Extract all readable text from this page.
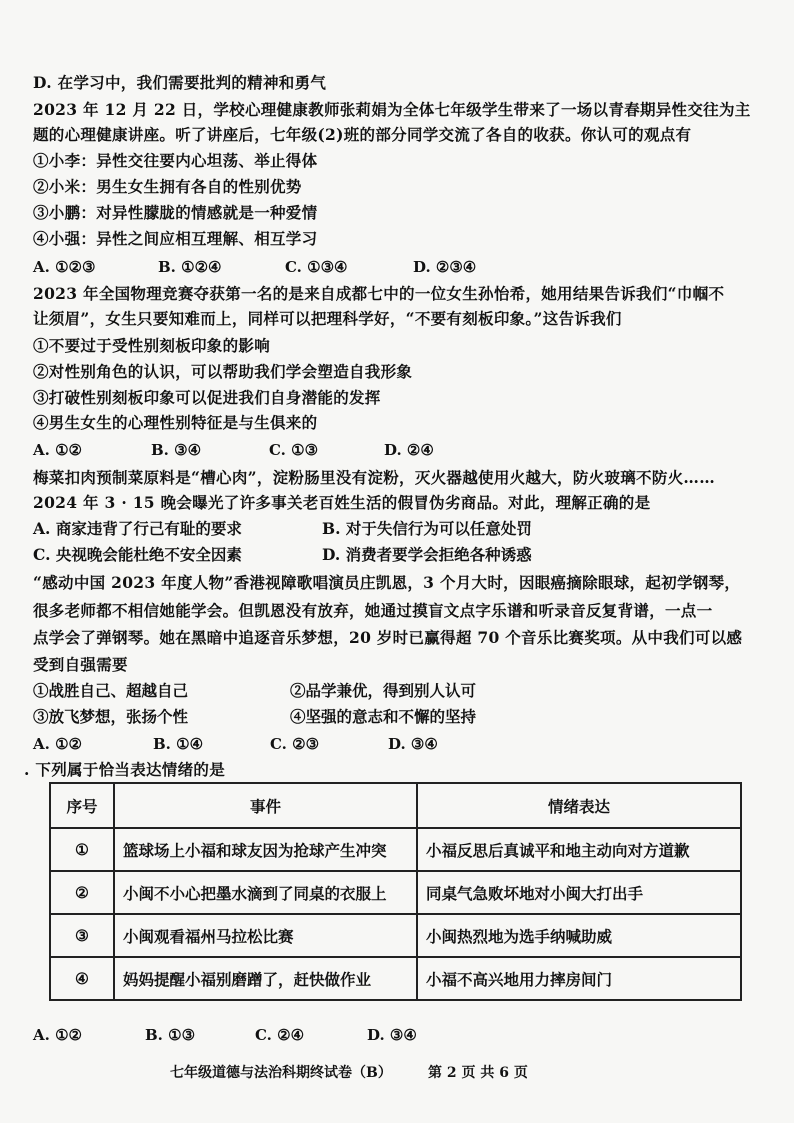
D. 在学习中，我们需要批判的精神和勇气
2023 年 12 月 22 日，学校心理健康教师张莉娟为全体七年级学生带来了一场以青春期异性交往为主
题的心理健康讲座。听了讲座后，七年级(2)班的部分同学交流了各自的收获。你认可的观点有
①小李：异性交往要内心坦荡、举止得体
②小米：男生女生拥有各自的性别优势
③小鹏：对异性朦胧的情感就是一种爱情
④小强：异性之间应相互理解、相互学习
A. ①②③	B. ①②④	C. ①③④	D. ②③④
2023 年全国物理竞赛夺获第一名的是来自成都七中的一位女生孙怡希，她用结果告诉我们“巾帼不
让须眉”，女生只要知难而上，同样可以把理科学好，“不要有刻板印象。”这告诉我们
①不要过于受性别刻板印象的影响
②对性别角色的认识，可以帮助我们学会塑造自我形象
③打破性别刻板印象可以促进我们自身潜能的发挥
④男生女生的心理性别特征是与生俱来的
A. ①②	B. ③④	C. ①③	D. ②④
梅菜扣肉预制菜原料是“槽心肉”，淀粉肠里没有淀粉，灭火器越使用火越大，防火玻璃不防火……
2024 年 3 · 15 晚会曝光了许多事关老百姓生活的假冒伪劣商品。对此，理解正确的是
A. 商家违背了行己有耻的要求	B. 对于失信行为可以任意处罚
C. 央视晚会能杜绝不安全因素	D. 消费者要学会拒绝各种诱惑
“感动中国 2023 年度人物”香港视障歌唱演员庄凯恩，3 个月大时，因眼癌摘除眼球，起初学钢琴，
很多老师都不相信她能学会。但凯恩没有放弃，她通过摸盲文点字乐谱和听录音反复背谱，一点一
点学会了弹钢琴。她在黑暗中追逐音乐梦想，20 岁时已赢得超 70 个音乐比赛奖项。从中我们可以感
受到自强需要
①战胜自己、超越自己	②品学兼优，得到别人认可
③放飞梦想，张扬个性	④坚强的意志和不懈的坚持
A. ①②	B. ①④	C. ②③	D. ③④
. 下列属于恰当表达情绪的是
序号	事件	情绪表达
①	篮球场上小福和球友因为抢球产生冲突	小福反思后真诚平和地主动向对方道歉
②	小闽不小心把墨水滴到了同桌的衣服上	同桌气急败坏地对小闽大打出手
③	小闽观看福州马拉松比赛	小闽热烈地为选手纳喊助威
④	妈妈提醒小福别磨蹭了，赶快做作业	小福不高兴地用力摔房间门
A. ①②	B. ①③	C. ②④	D. ③④
七年级道德与法治科期终试卷（B）	第 2 页 共 6 页
